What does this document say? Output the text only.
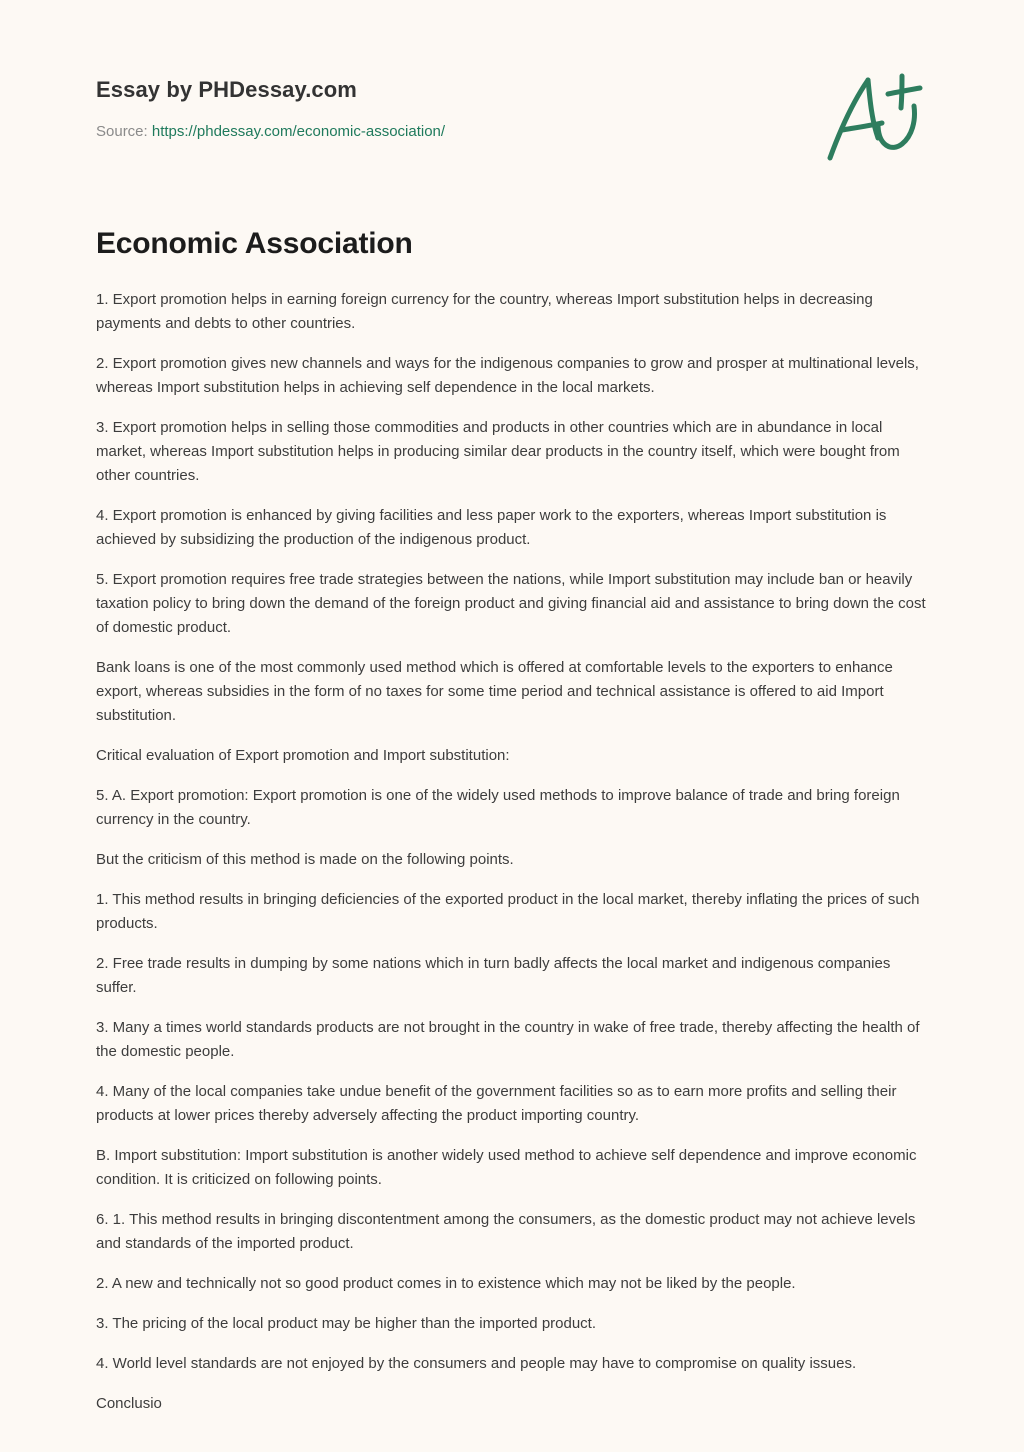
Essay by PHDessay.com
Source: https://phdessay.com/economic-association/
Economic Association

1. Export promotion helps in earning foreign currency for the country, whereas Import substitution helps in decreasing payments and debts to other countries.

2. Export promotion gives new channels and ways for the indigenous companies to grow and prosper at multinational levels, whereas Import substitution helps in achieving self dependence in the local markets.

3. Export promotion helps in selling those commodities and products in other countries which are in abundance in local market, whereas Import substitution helps in producing similar dear products in the country itself, which were bought from other countries.

4. Export promotion is enhanced by giving facilities and less paper work to the exporters, whereas Import substitution is achieved by subsidizing the production of the indigenous product.

5. Export promotion requires free trade strategies between the nations, while Import substitution may include ban or heavily taxation policy to bring down the demand of the foreign product and giving financial aid and assistance to bring down the cost of domestic product.

Bank loans is one of the most commonly used method which is offered at comfortable levels to the exporters to enhance export, whereas subsidies in the form of no taxes for some time period and technical assistance is offered to aid Import substitution.

Critical evaluation of Export promotion and Import substitution:

5. A. Export promotion: Export promotion is one of the widely used methods to improve balance of trade and bring foreign currency in the country.

But the criticism of this method is made on the following points.

1. This method results in bringing deficiencies of the exported product in the local market, thereby inflating the prices of such products.

2. Free trade results in dumping by some nations which in turn badly affects the local market and indigenous companies suffer.

3. Many a times world standards products are not brought in the country in wake of free trade, thereby affecting the health of the domestic people.

4. Many of the local companies take undue benefit of the government facilities so as to earn more profits and selling their products at lower prices thereby adversely affecting the product importing country.

B. Import substitution: Import substitution is another widely used method to achieve self dependence and improve economic condition. It is criticized on following points.

6. 1. This method results in bringing discontentment among the consumers, as the domestic product may not achieve levels and standards of the imported product.

2. A new and technically not so good product comes in to existence which may not be liked by the people.

3. The pricing of the local product may be higher than the imported product.

4. World level standards are not enjoyed by the consumers and people may have to compromise on quality issues.

Conclusio
